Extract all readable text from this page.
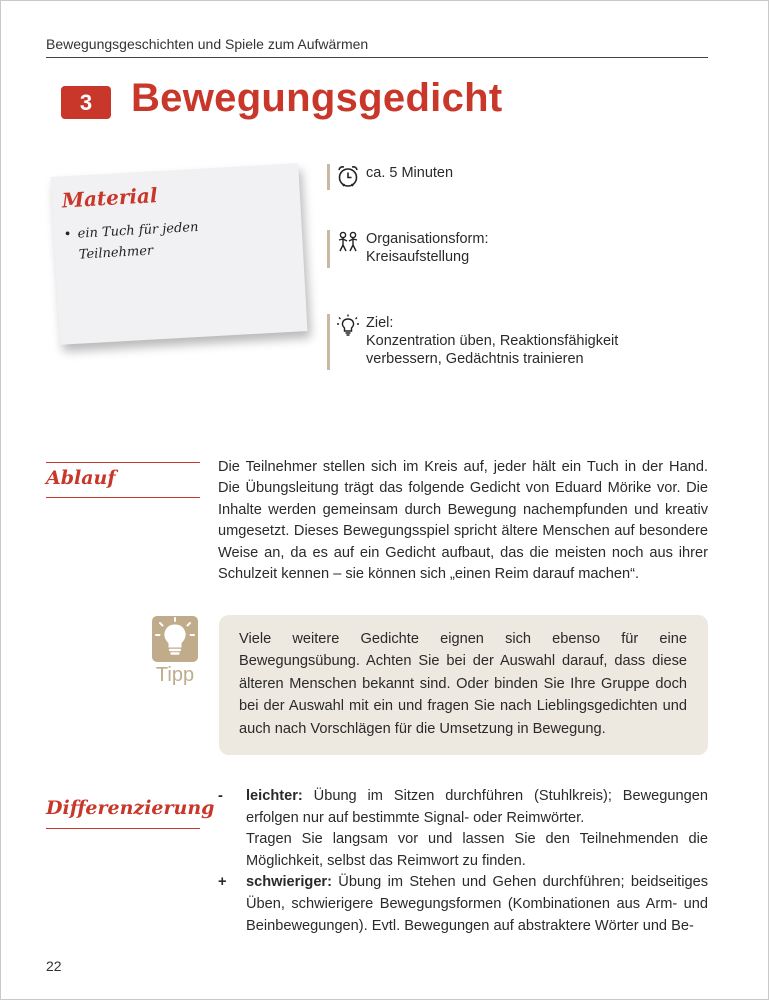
Bewegungsgeschichten und Spiele zum Aufwärmen
3 Bewegungsgedicht
Material
• ein Tuch für jeden
Teilnehmer
ca. 5 Minuten
Organisationsform:
Kreisaufstellung
Ziel:
Konzentration üben, Reaktionsfähigkeit
verbessern, Gedächtnis trainieren
Ablauf	Die Teilnehmer stellen sich im Kreis auf, jeder hält ein Tuch in der Hand. Die Übungsleitung trägt das folgende Gedicht von Eduard Mörike vor. Die Inhalte werden gemeinsam durch Bewegung nachempfunden und kreativ umgesetzt. Dieses Bewegungsspiel spricht ältere Menschen auf besondere Weise an, da es auf ein Gedicht aufbaut, das die meisten noch aus ihrer Schulzeit kennen – sie können sich „einen Reim darauf machen“.
Tipp
Viele weitere Gedichte eignen sich ebenso für eine Bewegungsübung. Achten Sie bei der Auswahl darauf, dass diese älteren Menschen bekannt sind. Oder binden Sie Ihre Gruppe doch bei der Auswahl mit ein und fragen Sie nach Lieblingsgedichten und auch nach Vorschlägen für die Umsetzung in Bewegung.
Differenzierung
-	leichter: Übung im Sitzen durchführen (Stuhlkreis); Bewegungen erfolgen nur auf bestimmte Signal- oder Reimwörter.
Tragen Sie langsam vor und lassen Sie den Teilnehmenden die Möglichkeit, selbst das Reimwort zu finden.
+	schwieriger: Übung im Stehen und Gehen durchführen; beidseitiges Üben, schwierigere Bewegungsformen (Kombinationen aus Arm- und Beinbewegungen). Evtl. Bewegungen auf abstraktere Wörter und Be-
22
